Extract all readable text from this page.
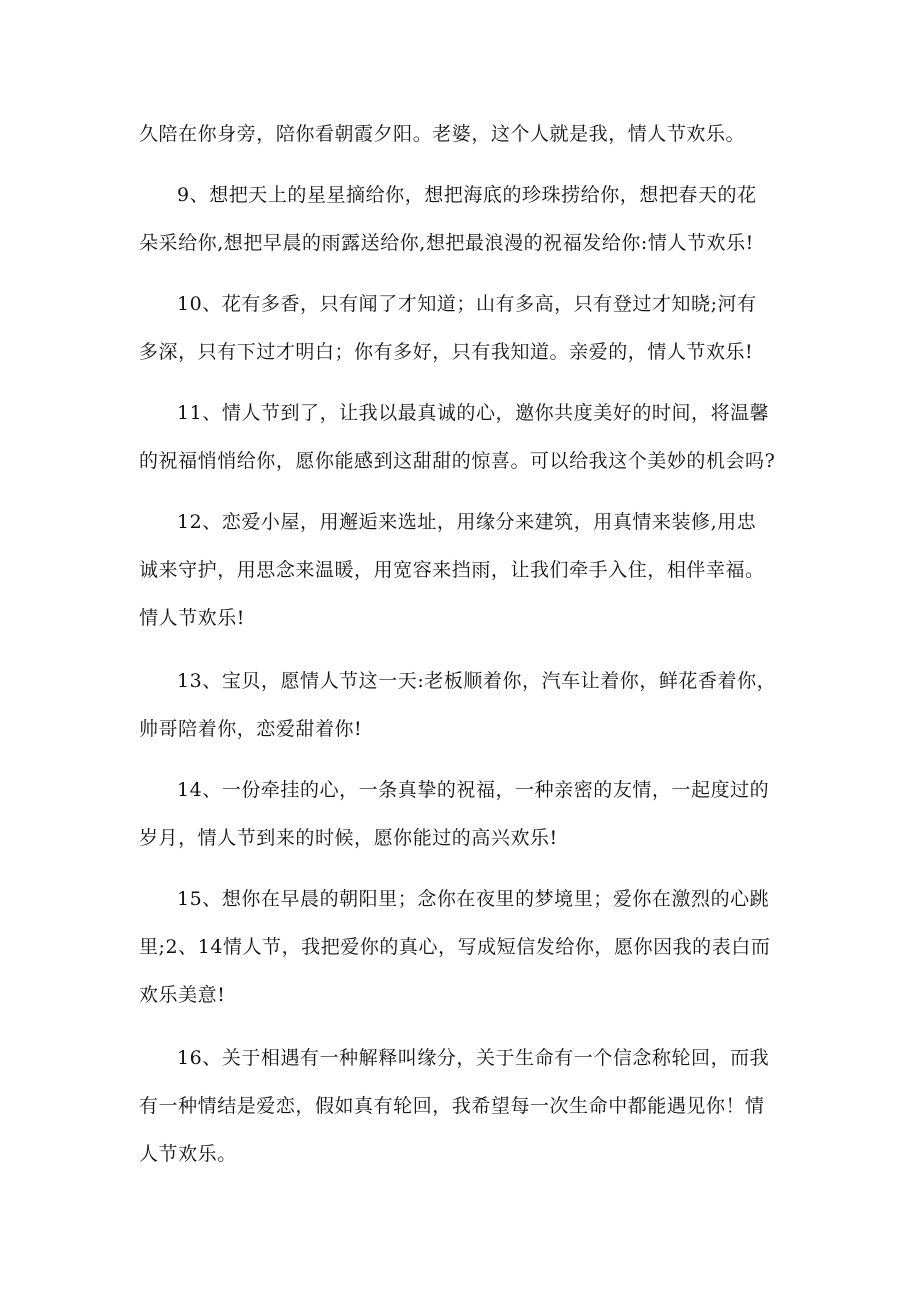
久陪在你身旁，陪你看朝霞夕阳。老婆，这个人就是我，情人节欢乐。
9、想把天上的星星摘给你，想把海底的珍珠捞给你，想把春天的花
朵采给你,想把早晨的雨露送给你,想把最浪漫的祝福发给你:情人节欢乐!
10、花有多香，只有闻了才知道；山有多高，只有登过才知晓;河有
多深，只有下过才明白；你有多好，只有我知道。亲爱的，情人节欢乐!
11、情人节到了，让我以最真诚的心，邀你共度美好的时间，将温馨
的祝福悄悄给你，愿你能感到这甜甜的惊喜。可以给我这个美妙的机会吗?
12、恋爱小屋，用邂逅来选址，用缘分来建筑，用真情来装修,用忠
诚来守护，用思念来温暖，用宽容来挡雨，让我们牵手入住，相伴幸福。
情人节欢乐!
13、宝贝，愿情人节这一天:老板顺着你，汽车让着你，鲜花香着你，
帅哥陪着你，恋爱甜着你!
14、一份牵挂的心，一条真挚的祝福，一种亲密的友情，一起度过的
岁月，情人节到来的时候，愿你能过的高兴欢乐!
15、想你在早晨的朝阳里；念你在夜里的梦境里；爱你在激烈的心跳
里;2、14情人节，我把爱你的真心，写成短信发给你，愿你因我的表白而
欢乐美意!
16、关于相遇有一种解释叫缘分，关于生命有一个信念称轮回，而我
有一种情结是爱恋，假如真有轮回，我希望每一次生命中都能遇见你！情
人节欢乐。
